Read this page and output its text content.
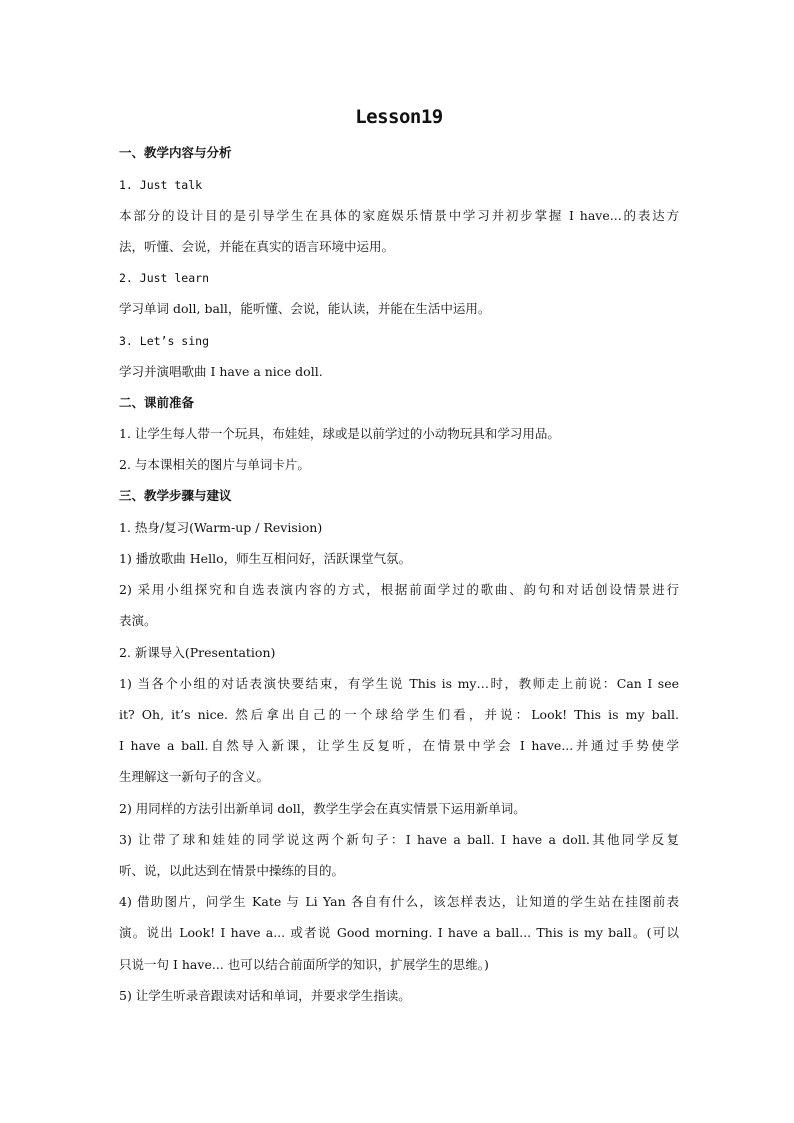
Lesson19
一、教学内容与分析
1. Just talk
本部分的设计目的是引导学生在具体的家庭娱乐情景中学习并初步掌握 I have...的表达方
法，听懂、会说，并能在真实的语言环境中运用。
2. Just learn
学习单词 doll, ball，能听懂、会说，能认读，并能在生活中运用。
3. Let’s sing
学习并演唱歌曲 I have a nice doll.
二、课前准备
1. 让学生每人带一个玩具，布娃娃，球或是以前学过的小动物玩具和学习用品。
2. 与本课相关的图片与单词卡片。
三、教学步骤与建议
1. 热身/复习(Warm-up / Revision)
1) 播放歌曲 Hello，师生互相问好，活跃课堂气氛。
2) 采用小组探究和自选表演内容的方式，根据前面学过的歌曲、韵句和对话创设情景进行
表演。
2. 新课导入(Presentation)
1) 当各个小组的对话表演快要结束，有学生说 This is my…时，教师走上前说：Can I see
it? Oh, it’s nice. 然后拿出自己的一个球给学生们看，并说：Look! This is my ball.
I have a ball.自然导入新课，让学生反复听，在情景中学会 I have...并通过手势使学
生理解这一新句子的含义。
2) 用同样的方法引出新单词 doll，教学生学会在真实情景下运用新单词。
3) 让带了球和娃娃的同学说这两个新句子：I have a ball. I have a doll.其他同学反复
听、说，以此达到在情景中操练的目的。
4) 借助图片，问学生 Kate 与 Li Yan 各自有什么，该怎样表达，让知道的学生站在挂图前表
演。说出 Look! I have a... 或者说 Good morning. I have a ball... This is my ball。(可以
只说一句 I have... 也可以结合前面所学的知识，扩展学生的思维。)
5) 让学生听录音跟读对话和单词，并要求学生指读。
